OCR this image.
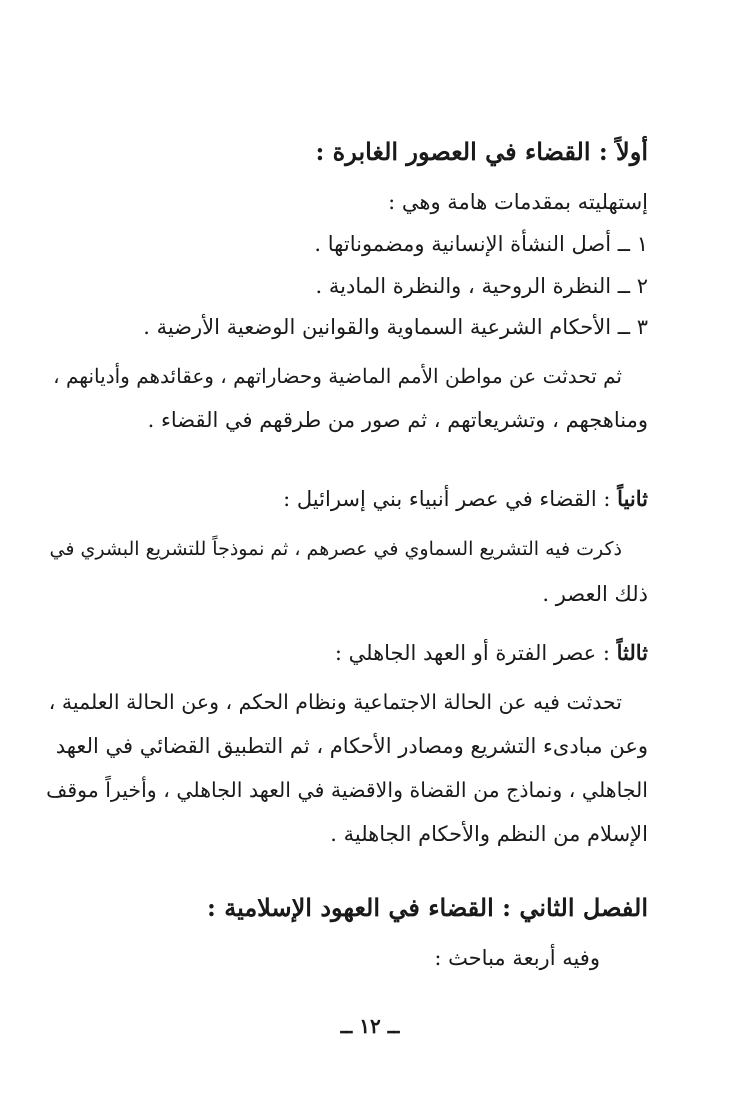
أولاً : القضاء في العصور الغابرة :
إستهليته بمقدمات هامة وهي :
١ ــ أصل النشأة الإنسانية ومضموناتها .
٢ ــ النظرة الروحية ، والنظرة المادية .
٣ ــ الأحكام الشرعية السماوية والقوانين الوضعية الأرضية .
ثم تحدثت عن مواطن الأمم الماضية وحضاراتهم ، وعقائدهم وأديانهم ،
ومناهجهم ، وتشريعاتهم ، ثم صور من طرقهم في القضاء .
ثانياً : القضاء في عصر أنبياء بني إسرائيل :
ذكرت فيه التشريع السماوي في عصرهم ، ثم نموذجاً للتشريع البشري في
ذلك العصر .
ثالثاً : عصر الفترة أو العهد الجاهلي :
تحدثت فيه عن الحالة الاجتماعية ونظام الحكم ، وعن الحالة العلمية ،
وعن مبادىء التشريع ومصادر الأحكام ، ثم التطبيق القضائي في العهد
الجاهلي ، ونماذج من القضاة والاقضية في العهد الجاهلي ، وأخيراً موقف
الإسلام من النظم والأحكام الجاهلية .
الفصل الثاني : القضاء في العهود الإسلامية :
وفيه أربعة مباحث :
ــ ١٢ ــ
